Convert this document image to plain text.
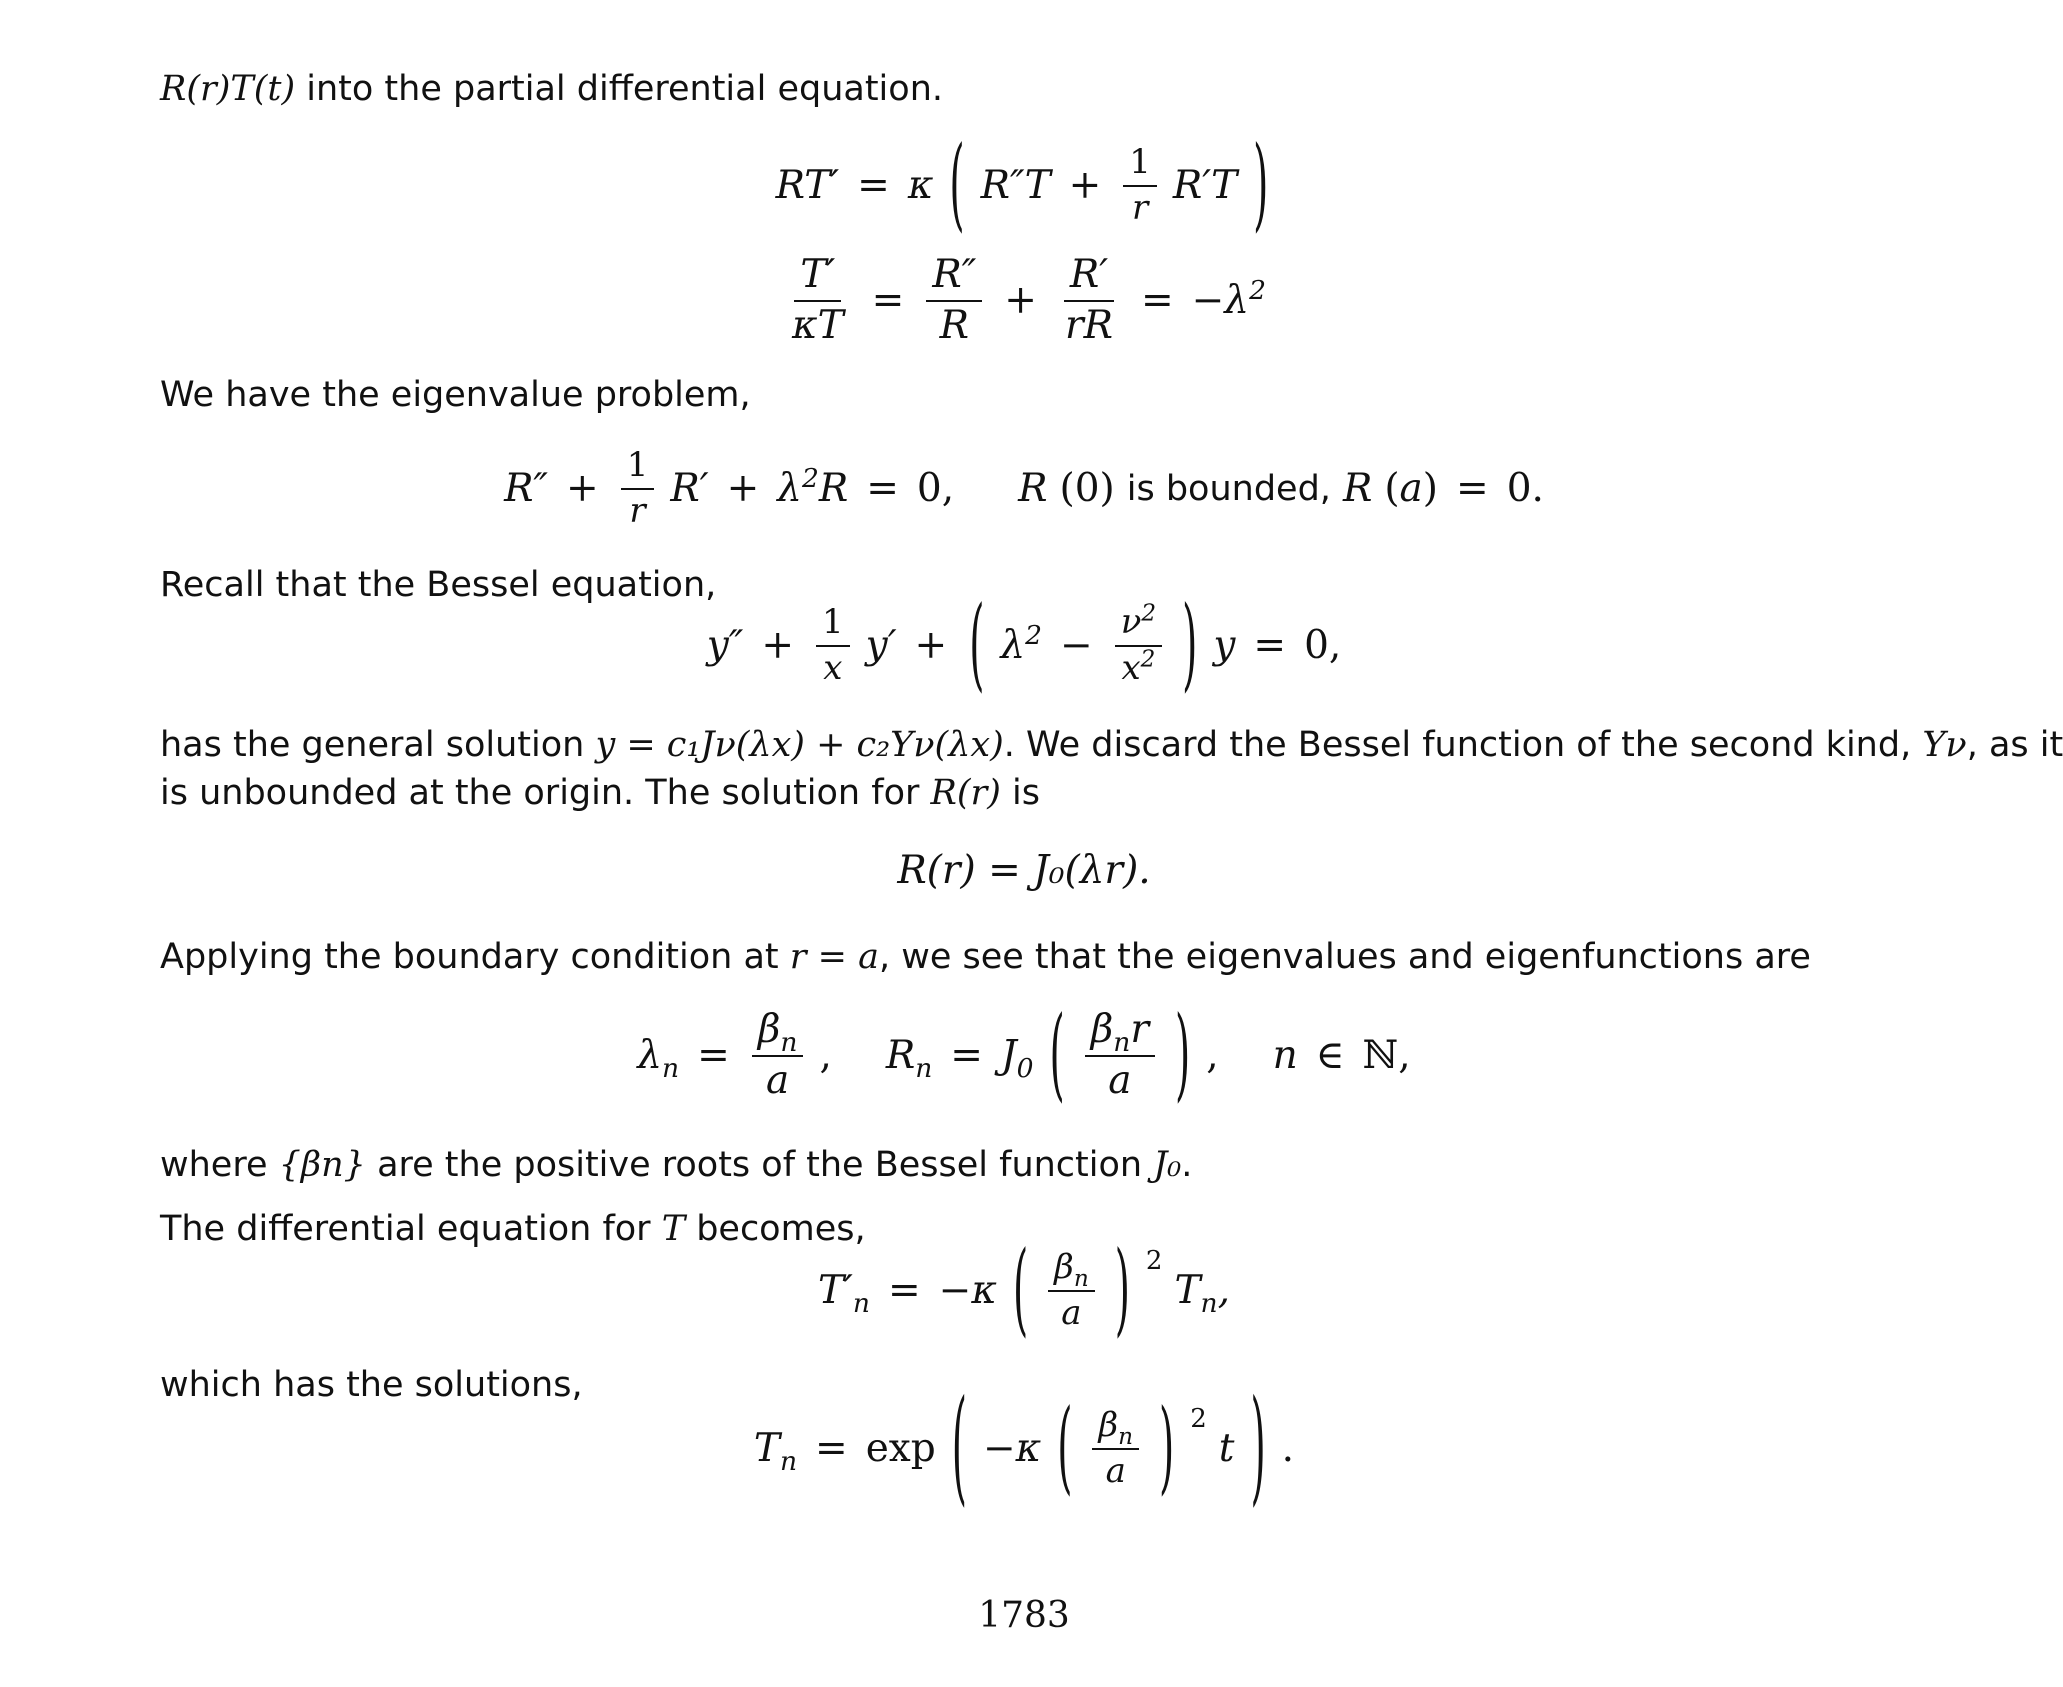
R(r)T(t) into the partial differential equation.
RT′ = κ ( $R''T + \frac{1}{r} R'T$ )
$\frac{T'}{\kappa T} = \frac{R''}{R} + \frac{R'}{rR} = -\lambda^2$
We have the eigenvalue problem,
$R'' + \frac{1}{r} R' + \lambda^2R = 0$, R (0) is bounded, R (a) = 0.
Recall that the Bessel equation,
$y'' + \frac{1}{x} y'$ + ( $\lambda^2 - \frac{\nu^2}{x^2}$ ) y = 0,
has the general solution y = c₁Jν(λx) + c₂Yν(λx). We discard the Bessel function of the second kind, Yν, as it
is unbounded at the origin. The solution for R(r) is
R(r) = J₀(λr).
Applying the boundary condition at r = a, we see that the eigenvalues and eigenfunctions are
$\lambda_n = \frac{\beta_n}{a}$ , $R_n = J_0$ ( $\frac{\beta_nr}{a}$ ) , n ∈ ℕ,
where {βn} are the positive roots of the Bessel function J₀.
The differential equation for T becomes,
$T'_n = -\kappa$ ( $\frac{\beta_n}{a}$ ) $^2$
$T_n$,
which has the solutions,
$T_n = \exp$ ( −κ ( $\frac{\beta_n}{a}$ ) $^2$
t ) .
1783
